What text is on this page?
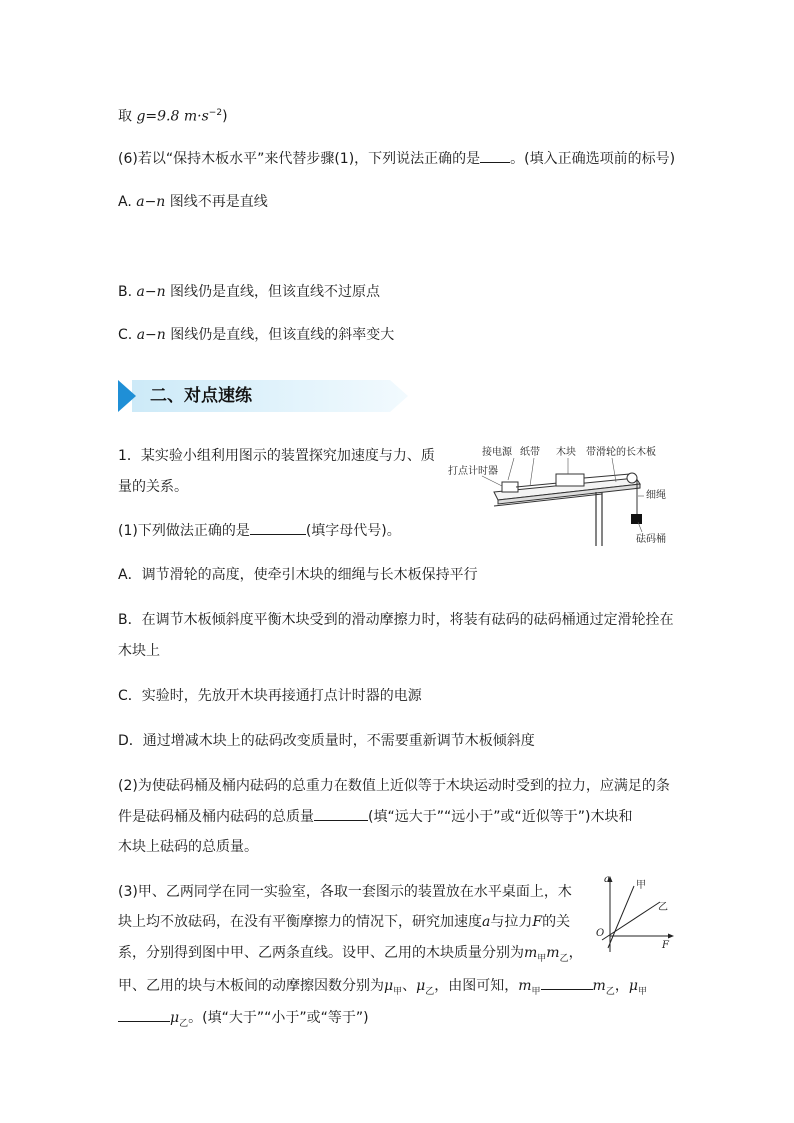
取 g=9.8 $m\cdot s^{-2}$)
(6)若以“保持木板水平”来代替步骤(1)，下列说法正确的是 。(填入正确选项前的标号)
A. a−n 图线不再是直线
B. a−n 图线仍是直线，但该直线不过原点
C. a−n 图线仍是直线，但该直线的斜率变大
二、对点速练
1．某实验小组利用图示的装置探究加速度与力、质
量的关系。
接电源 纸带 木块 带滑轮的长木板
打点计时器
细绳
砝码桶
(1)下列做法正确的是	(填字母代号)。
A．调节滑轮的高度，使牵引木块的细绳与长木板保持平行
B．在调节木板倾斜度平衡木块受到的滑动摩擦力时，将装有砝码的砝码桶通过定滑轮拴在
木块上
C．实验时，先放开木块再接通打点计时器的电源
D．通过增减木块上的砝码改变质量时，不需要重新调节木板倾斜度
(2)为使砝码桶及桶内砝码的总重力在数值上近似等于木块运动时受到的拉力，应满足的条
件是砝码桶及桶内砝码的总质量	(填“远大于”“远小于”或“近似等于”)木块和
木块上砝码的总质量。
(3)甲、乙两同学在同一实验室，各取一套图示的装置放在水平桌面上，木
块上均不放砝码，在没有平衡摩擦力的情况下，研究加速度a与拉力F的关
系，分别得到图中甲、乙两条直线。设甲、乙用的木块质量分别为$m_甲m_乙$，
甲、乙用的块与木板间的动摩擦因数分别为$\mu_甲$、$\mu_乙$，由图可知，$m_甲$	$m_乙$，$\mu_甲$
$\mu_乙$。(填“大于”“小于”或“等于”)
a
F
O
甲
乙
